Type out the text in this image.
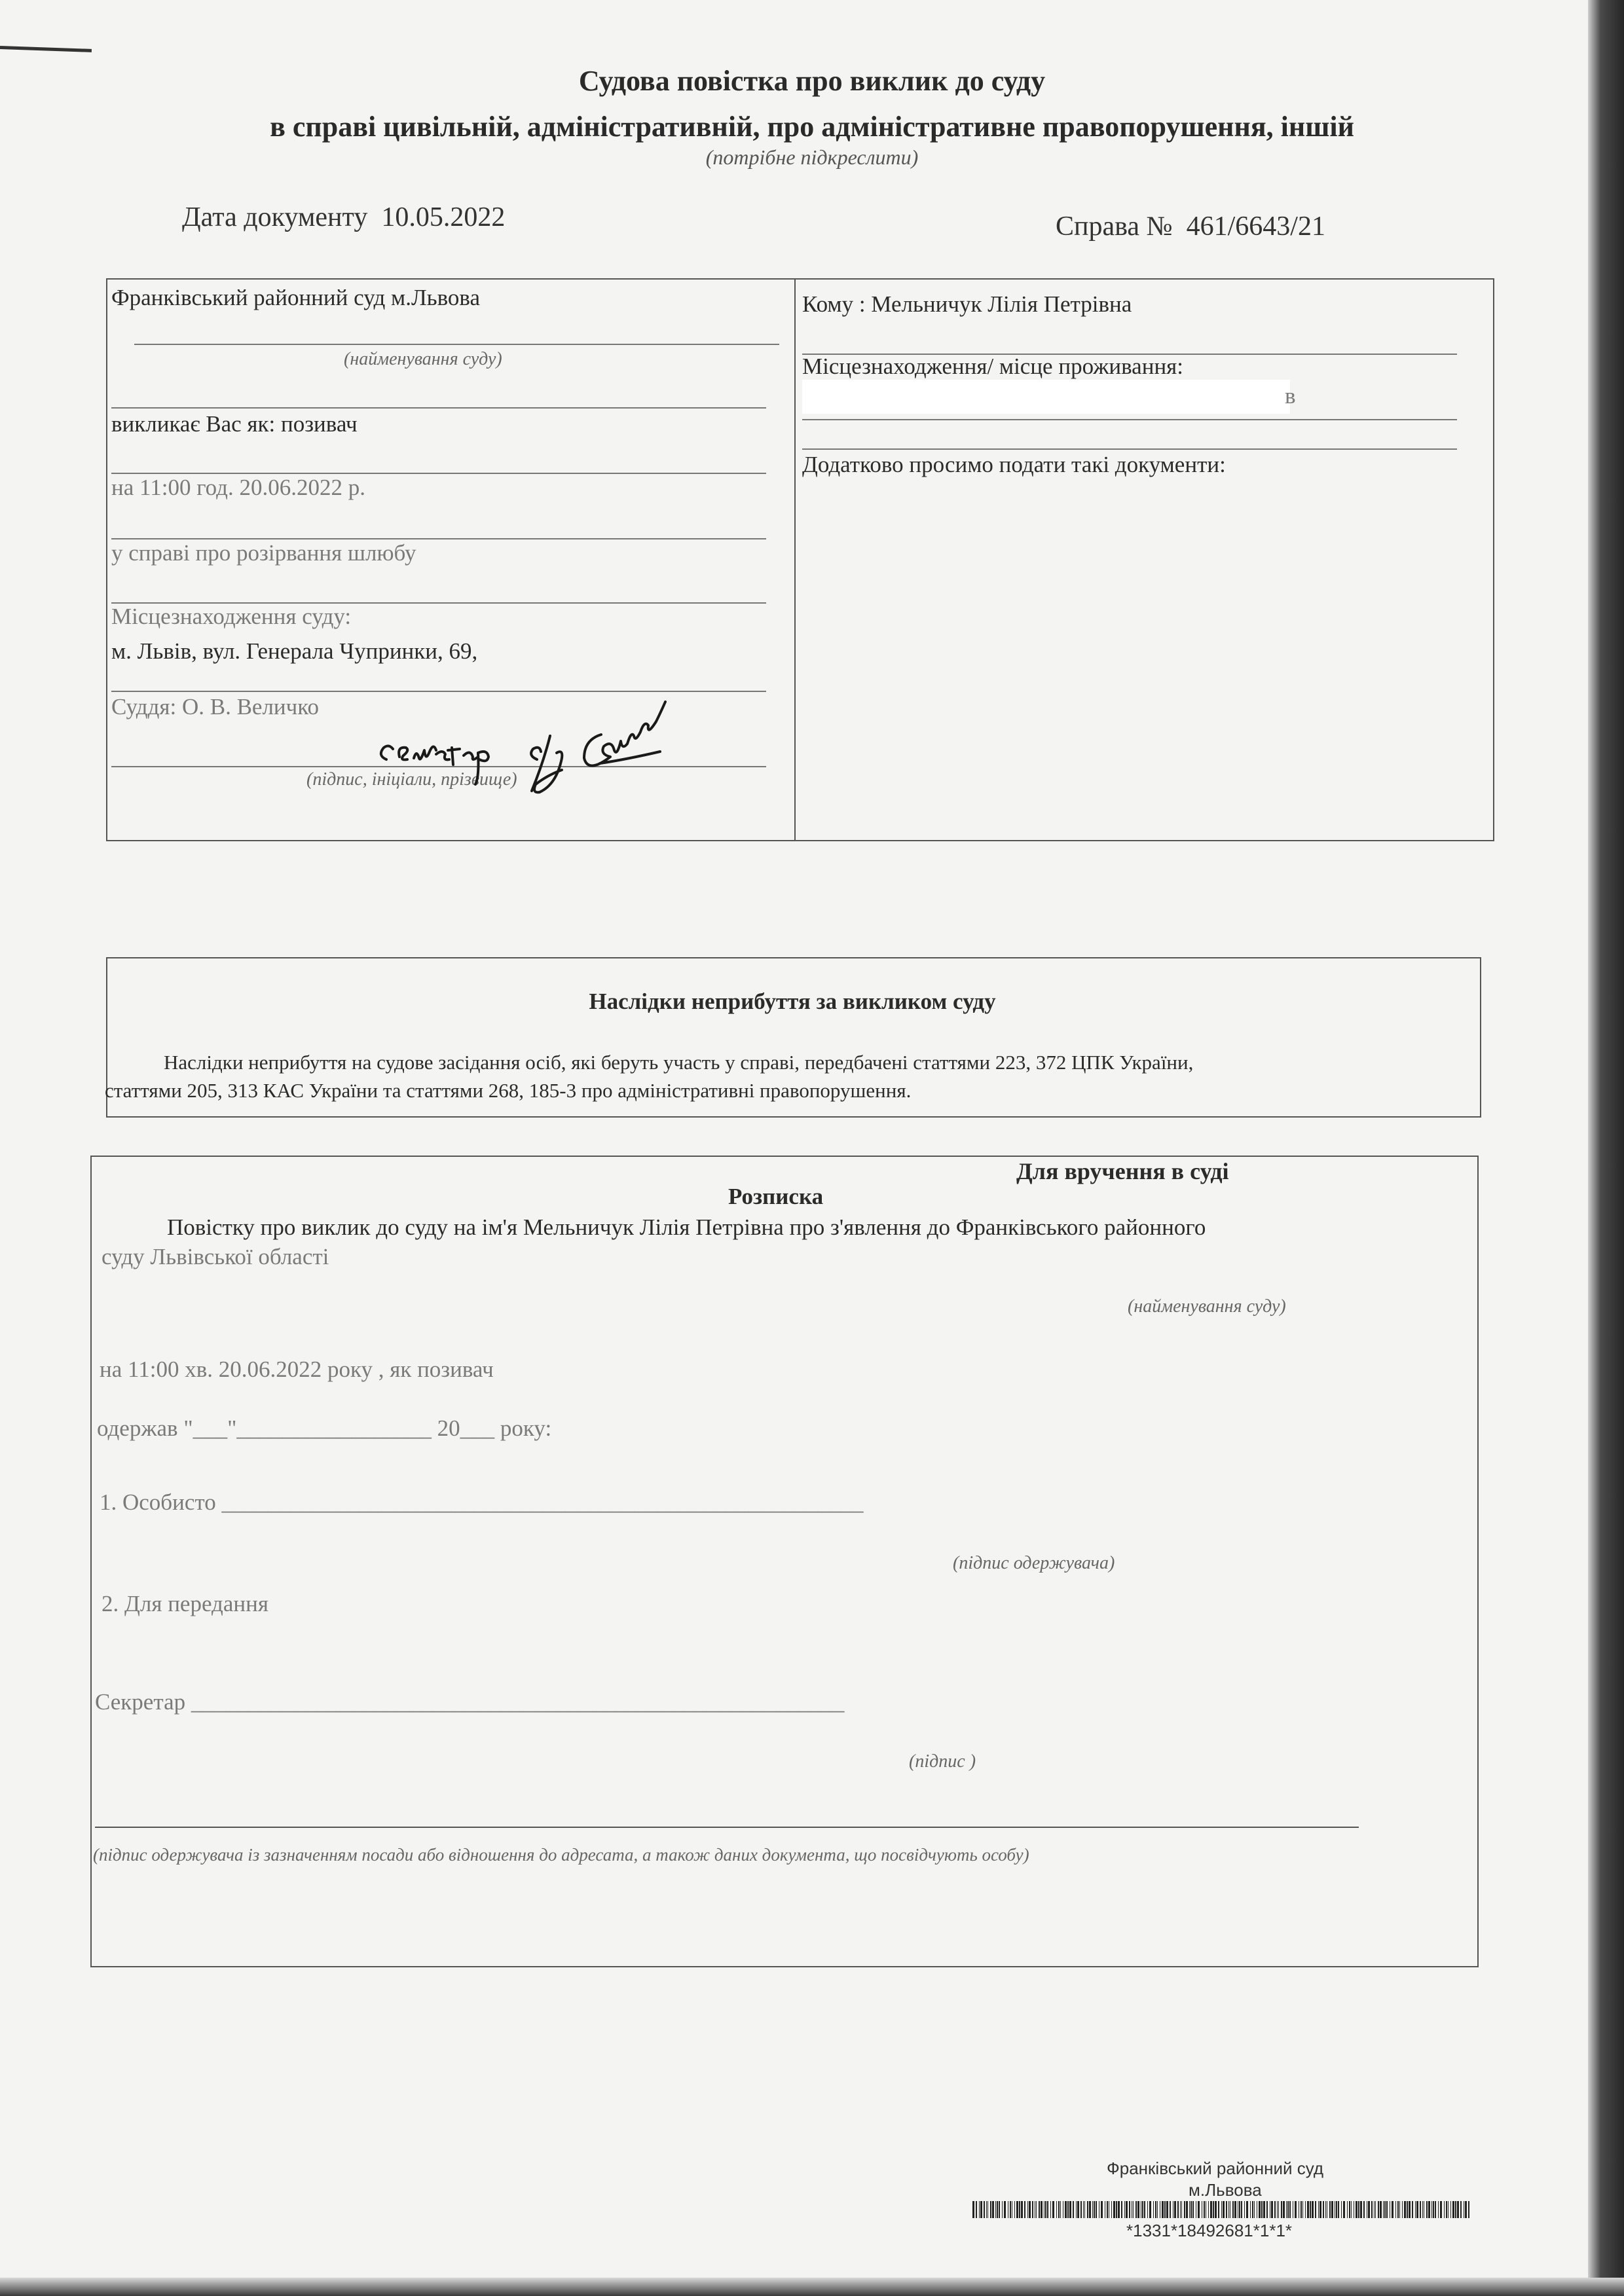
Судова повістка про виклик до суду
в справі цивільній, адміністративній, про адміністративне правопорушення, іншій
(потрібне підкреслити)
Дата документу 10.05.2022	Справа № 461/6643/21
Франківський районний суд м.Львова
(найменування суду)
викликає Вас як: позивач
на 11:00 год. 20.06.2022 р.
у справі про розірвання шлюбу
Місцезнаходження суду:
м. Львів, вул. Генерала Чупринки, 69,
Суддя: О. В. Величко
(підпис, ініціали, прізвище)
Кому : Мельничук Лілія Петрівна
Місцезнаходження/ місце проживання:
в
Додатково просимо подати такі документи:
Наслідки неприбуття за викликом суду
Наслідки неприбуття на судове засідання осіб, які беруть участь у справі, передбачені статтями 223, 372 ЦПК України,
статтями 205, 313 КАС України та статтями 268, 185-3 про адміністративні правопорушення.
Для вручення в суді
Розписка
Повістку про виклик до суду на ім'я Мельничук Лілія Петрівна про з'явлення до Франківського районного
суду Львівської області
(найменування суду)
на 11:00 хв. 20.06.2022 року , як позивач
одержав "___"_________________ 20___ року:
1. Особисто ________________________________________________________
(підпис одержувача)
2. Для передання
Секретар _________________________________________________________
(підпис )
(підпис одержувача із зазначенням посади або відношення до адресата, а також даних документа, що посвідчують особу)
Франківський районний суд
м.Львова
*1331*18492681*1*1*
